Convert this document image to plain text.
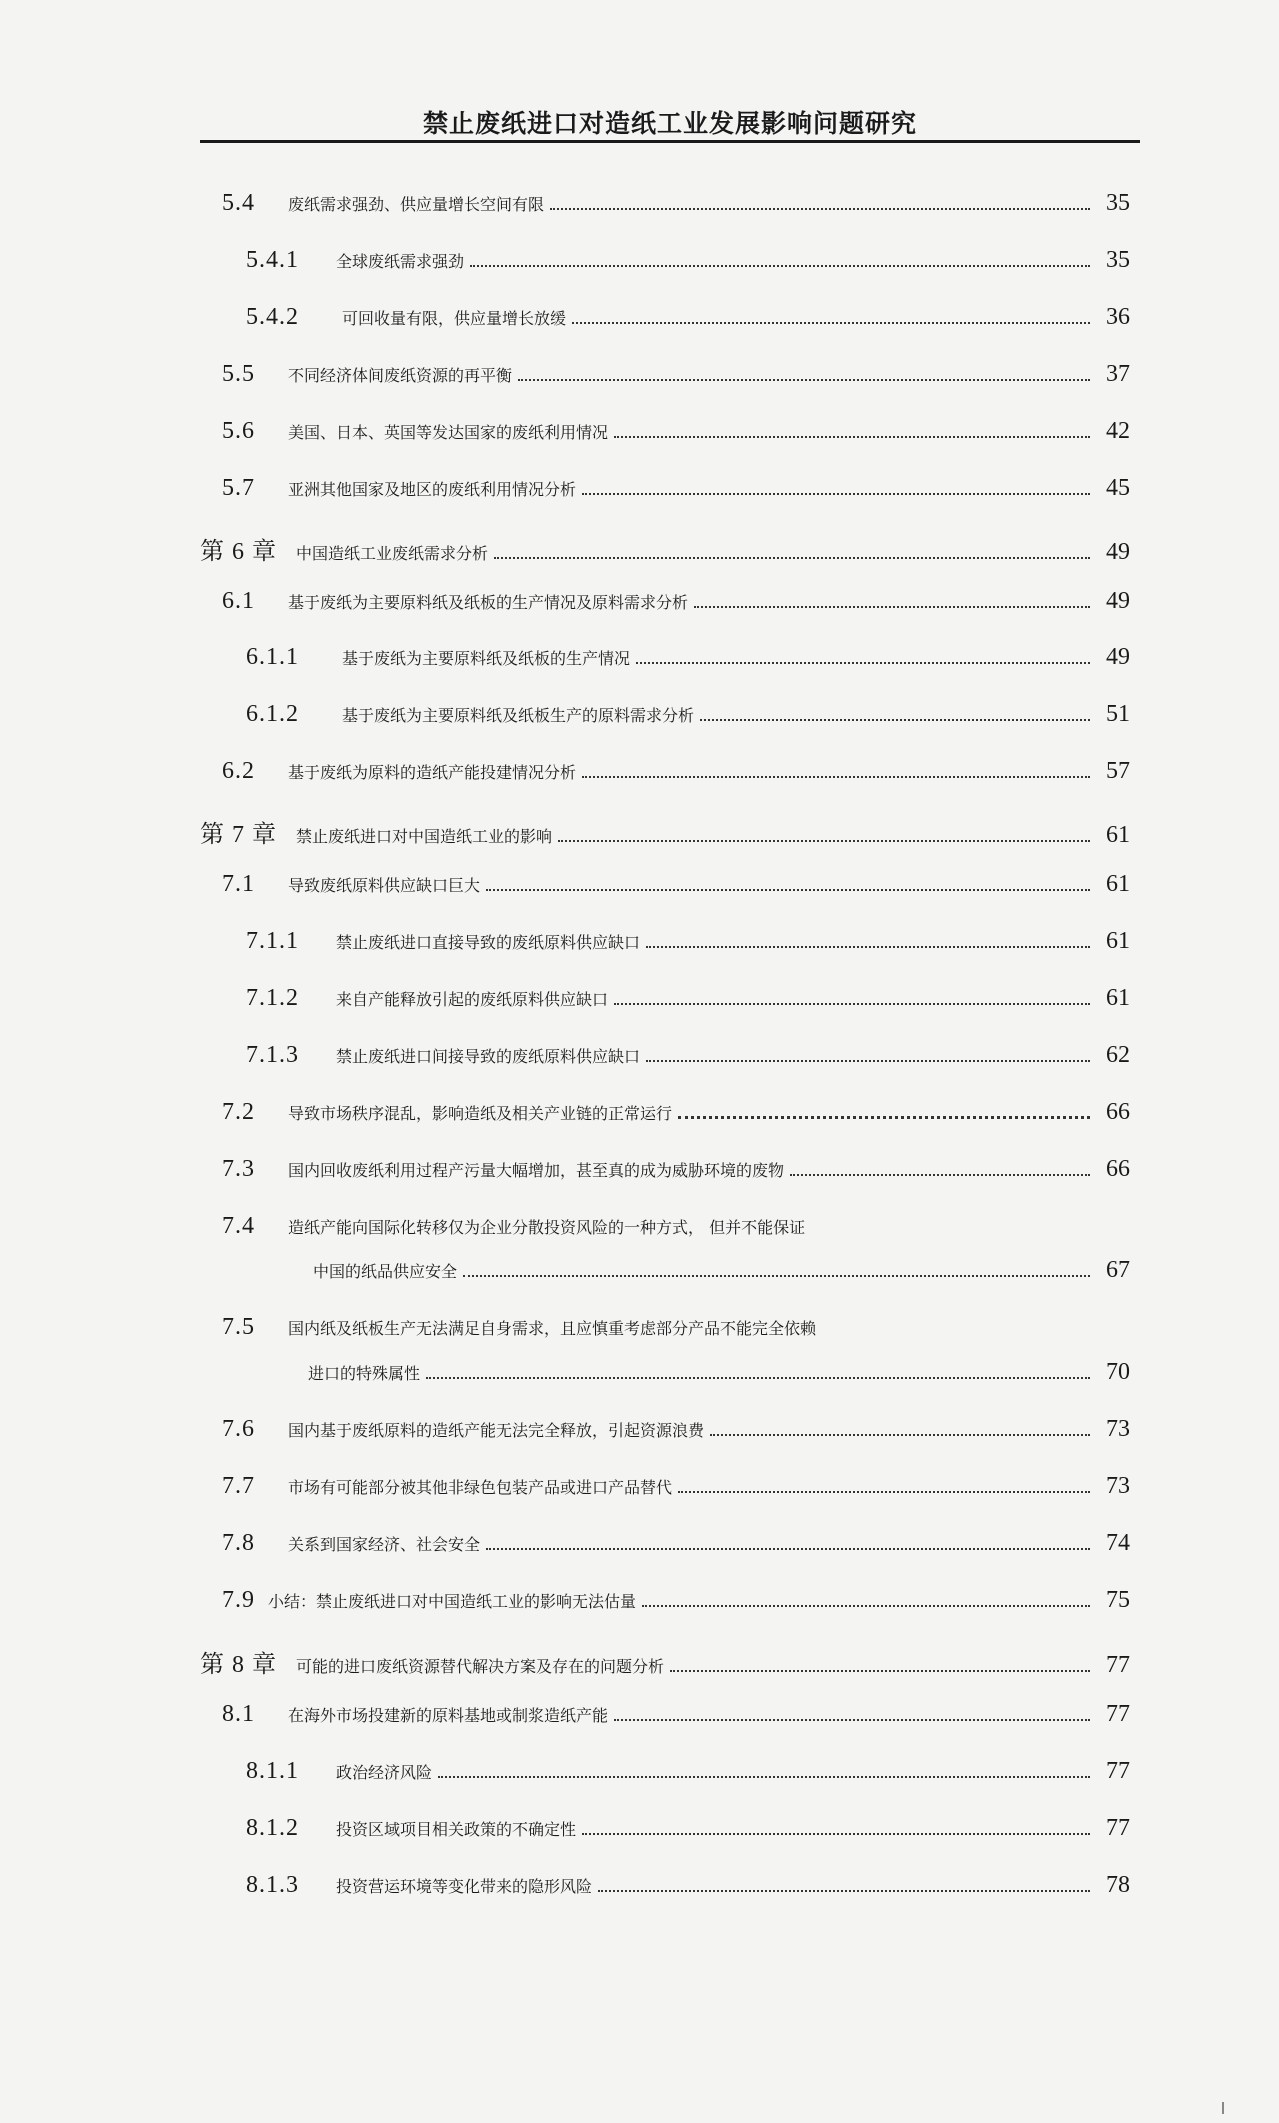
禁止废纸进口对造纸工业发展影响问题研究
5.4	废纸需求强劲、供应量增长空间有限	35
5.4.1	全球废纸需求强劲	35
5.4.2	可回收量有限，供应量增长放缓	36
5.5	不同经济体间废纸资源的再平衡	37
5.6	美国、日本、英国等发达国家的废纸利用情况	42
5.7	亚洲其他国家及地区的废纸利用情况分析	45
第 6 章	中国造纸工业废纸需求分析	49
6.1	基于废纸为主要原料纸及纸板的生产情况及原料需求分析	49
6.1.1	基于废纸为主要原料纸及纸板的生产情况	49
6.1.2	基于废纸为主要原料纸及纸板生产的原料需求分析	51
6.2	基于废纸为原料的造纸产能投建情况分析	57
第 7 章	禁止废纸进口对中国造纸工业的影响	61
7.1	导致废纸原料供应缺口巨大	61
7.1.1	禁止废纸进口直接导致的废纸原料供应缺口	61
7.1.2	来自产能释放引起的废纸原料供应缺口	61
7.1.3	禁止废纸进口间接导致的废纸原料供应缺口	62
7.2	导致市场秩序混乱，影响造纸及相关产业链的正常运行	66
7.3	国内回收废纸利用过程产污量大幅增加，甚至真的成为威胁环境的废物	66
7.4	造纸产能向国际化转移仅为企业分散投资风险的一种方式， 但并不能保证
中国的纸品供应安全	67
7.5	国内纸及纸板生产无法满足自身需求，且应慎重考虑部分产品不能完全依赖
进口的特殊属性	70
7.6	国内基于废纸原料的造纸产能无法完全释放，引起资源浪费	73
7.7	市场有可能部分被其他非绿色包装产品或进口产品替代	73
7.8	关系到国家经济、社会安全	74
7.9 小结：禁止废纸进口对中国造纸工业的影响无法估量	75
第 8 章	可能的进口废纸资源替代解决方案及存在的问题分析	77
8.1	在海外市场投建新的原料基地或制浆造纸产能	77
8.1.1	政治经济风险	77
8.1.2	投资区域项目相关政策的不确定性	77
8.1.3	投资营运环境等变化带来的隐形风险	78
